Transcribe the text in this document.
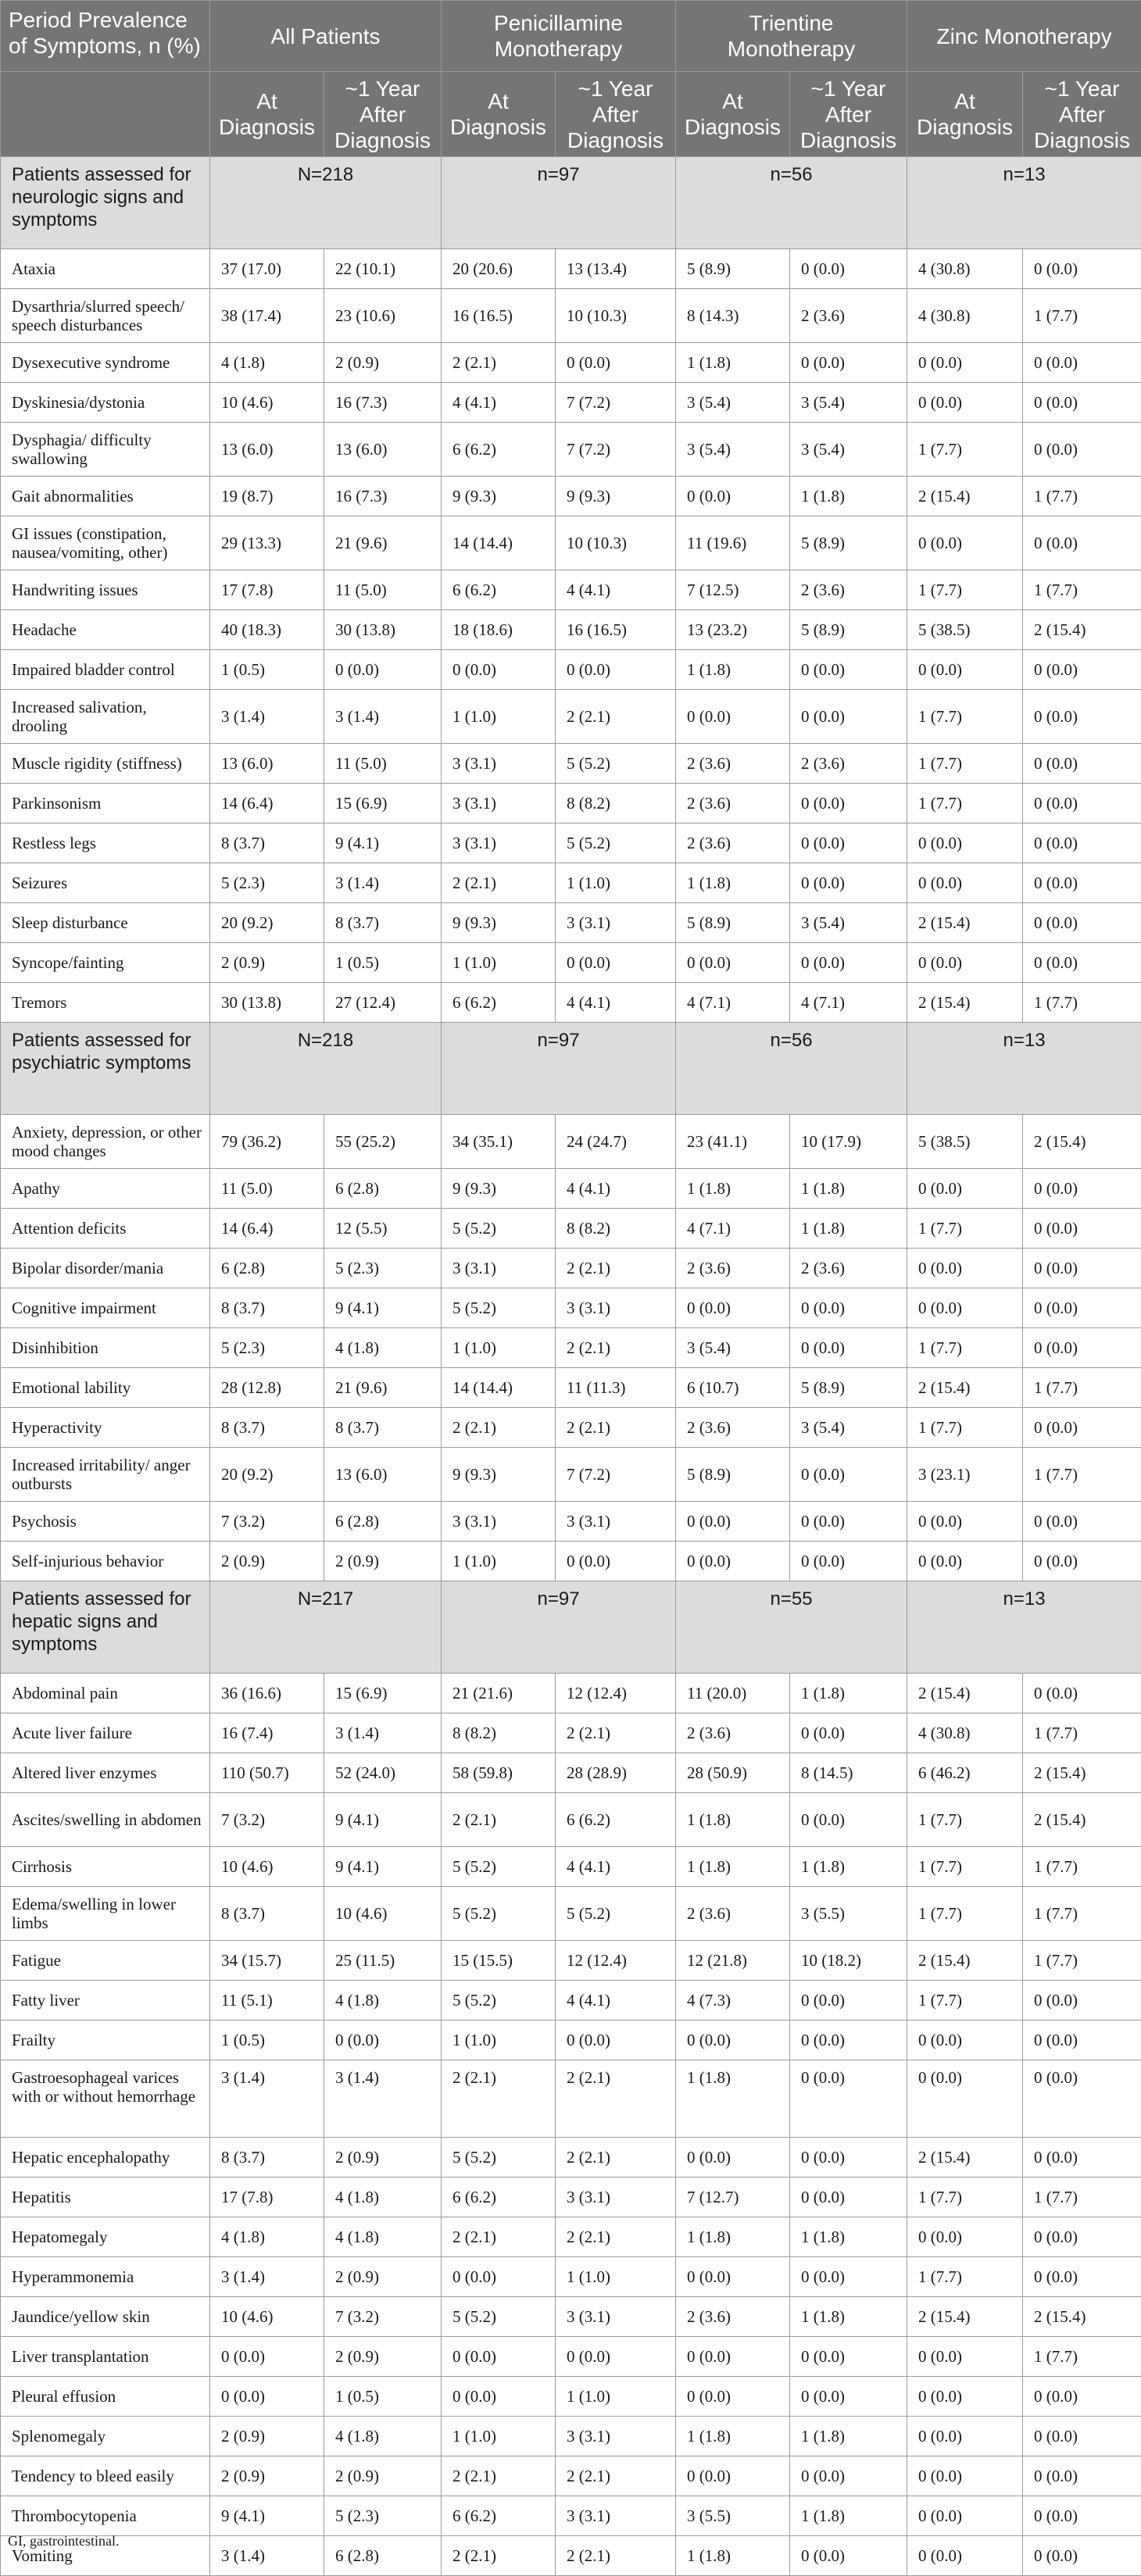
Period Prevalence of Symptoms, n (%)	All Patients		Penicillamine Monotherapy		Trientine Monotherapy		Zinc Monotherapy	
	At Diagnosis	~1 Year After Diagnosis	At Diagnosis	~1 Year After Diagnosis	At Diagnosis	~1 Year After Diagnosis	At Diagnosis	~1 Year After Diagnosis
Patients assessed for neurologic signs and symptoms	N=218		n=97		n=56		n=13	
Ataxia	37 (17.0)	22 (10.1)	20 (20.6)	13 (13.4)	5 (8.9)	0 (0.0)	4 (30.8)	0 (0.0)
Dysarthria/slurred speech/ speech disturbances	38 (17.4)	23 (10.6)	16 (16.5)	10 (10.3)	8 (14.3)	2 (3.6)	4 (30.8)	1 (7.7)
Dysexecutive syndrome	4 (1.8)	2 (0.9)	2 (2.1)	0 (0.0)	1 (1.8)	0 (0.0)	0 (0.0)	0 (0.0)
Dyskinesia/dystonia	10 (4.6)	16 (7.3)	4 (4.1)	7 (7.2)	3 (5.4)	3 (5.4)	0 (0.0)	0 (0.0)
Dysphagia/ difficulty swallowing	13 (6.0)	13 (6.0)	6 (6.2)	7 (7.2)	3 (5.4)	3 (5.4)	1 (7.7)	0 (0.0)
Gait abnormalities	19 (8.7)	16 (7.3)	9 (9.3)	9 (9.3)	0 (0.0)	1 (1.8)	2 (15.4)	1 (7.7)
GI issues (constipation, nausea/vomiting, other)	29 (13.3)	21 (9.6)	14 (14.4)	10 (10.3)	11 (19.6)	5 (8.9)	0 (0.0)	0 (0.0)
Handwriting issues	17 (7.8)	11 (5.0)	6 (6.2)	4 (4.1)	7 (12.5)	2 (3.6)	1 (7.7)	1 (7.7)
Headache	40 (18.3)	30 (13.8)	18 (18.6)	16 (16.5)	13 (23.2)	5 (8.9)	5 (38.5)	2 (15.4)
Impaired bladder control	1 (0.5)	0 (0.0)	0 (0.0)	0 (0.0)	1 (1.8)	0 (0.0)	0 (0.0)	0 (0.0)
Increased salivation, drooling	3 (1.4)	3 (1.4)	1 (1.0)	2 (2.1)	0 (0.0)	0 (0.0)	1 (7.7)	0 (0.0)
Muscle rigidity (stiffness)	13 (6.0)	11 (5.0)	3 (3.1)	5 (5.2)	2 (3.6)	2 (3.6)	1 (7.7)	0 (0.0)
Parkinsonism	14 (6.4)	15 (6.9)	3 (3.1)	8 (8.2)	2 (3.6)	0 (0.0)	1 (7.7)	0 (0.0)
Restless legs	8 (3.7)	9 (4.1)	3 (3.1)	5 (5.2)	2 (3.6)	0 (0.0)	0 (0.0)	0 (0.0)
Seizures	5 (2.3)	3 (1.4)	2 (2.1)	1 (1.0)	1 (1.8)	0 (0.0)	0 (0.0)	0 (0.0)
Sleep disturbance	20 (9.2)	8 (3.7)	9 (9.3)	3 (3.1)	5 (8.9)	3 (5.4)	2 (15.4)	0 (0.0)
Syncope/fainting	2 (0.9)	1 (0.5)	1 (1.0)	0 (0.0)	0 (0.0)	0 (0.0)	0 (0.0)	0 (0.0)
Tremors	30 (13.8)	27 (12.4)	6 (6.2)	4 (4.1)	4 (7.1)	4 (7.1)	2 (15.4)	1 (7.7)
Patients assessed for psychiatric symptoms	N=218		n=97		n=56		n=13	
Anxiety, depression, or other mood changes	79 (36.2)	55 (25.2)	34 (35.1)	24 (24.7)	23 (41.1)	10 (17.9)	5 (38.5)	2 (15.4)
Apathy	11 (5.0)	6 (2.8)	9 (9.3)	4 (4.1)	1 (1.8)	1 (1.8)	0 (0.0)	0 (0.0)
Attention deficits	14 (6.4)	12 (5.5)	5 (5.2)	8 (8.2)	4 (7.1)	1 (1.8)	1 (7.7)	0 (0.0)
Bipolar disorder/mania	6 (2.8)	5 (2.3)	3 (3.1)	2 (2.1)	2 (3.6)	2 (3.6)	0 (0.0)	0 (0.0)
Cognitive impairment	8 (3.7)	9 (4.1)	5 (5.2)	3 (3.1)	0 (0.0)	0 (0.0)	0 (0.0)	0 (0.0)
Disinhibition	5 (2.3)	4 (1.8)	1 (1.0)	2 (2.1)	3 (5.4)	0 (0.0)	1 (7.7)	0 (0.0)
Emotional lability	28 (12.8)	21 (9.6)	14 (14.4)	11 (11.3)	6 (10.7)	5 (8.9)	2 (15.4)	1 (7.7)
Hyperactivity	8 (3.7)	8 (3.7)	2 (2.1)	2 (2.1)	2 (3.6)	3 (5.4)	1 (7.7)	0 (0.0)
Increased irritability/ anger outbursts	20 (9.2)	13 (6.0)	9 (9.3)	7 (7.2)	5 (8.9)	0 (0.0)	3 (23.1)	1 (7.7)
Psychosis	7 (3.2)	6 (2.8)	3 (3.1)	3 (3.1)	0 (0.0)	0 (0.0)	0 (0.0)	0 (0.0)
Self-injurious behavior	2 (0.9)	2 (0.9)	1 (1.0)	0 (0.0)	0 (0.0)	0 (0.0)	0 (0.0)	0 (0.0)
Patients assessed for hepatic signs and symptoms	N=217		n=97		n=55		n=13	
Abdominal pain	36 (16.6)	15 (6.9)	21 (21.6)	12 (12.4)	11 (20.0)	1 (1.8)	2 (15.4)	0 (0.0)
Acute liver failure	16 (7.4)	3 (1.4)	8 (8.2)	2 (2.1)	2 (3.6)	0 (0.0)	4 (30.8)	1 (7.7)
Altered liver enzymes	110 (50.7)	52 (24.0)	58 (59.8)	28 (28.9)	28 (50.9)	8 (14.5)	6 (46.2)	2 (15.4)
Ascites/swelling in abdomen	7 (3.2)	9 (4.1)	2 (2.1)	6 (6.2)	1 (1.8)	0 (0.0)	1 (7.7)	2 (15.4)
Cirrhosis	10 (4.6)	9 (4.1)	5 (5.2)	4 (4.1)	1 (1.8)	1 (1.8)	1 (7.7)	1 (7.7)
Edema/swelling in lower limbs	8 (3.7)	10 (4.6)	5 (5.2)	5 (5.2)	2 (3.6)	3 (5.5)	1 (7.7)	1 (7.7)
Fatigue	34 (15.7)	25 (11.5)	15 (15.5)	12 (12.4)	12 (21.8)	10 (18.2)	2 (15.4)	1 (7.7)
Fatty liver	11 (5.1)	4 (1.8)	5 (5.2)	4 (4.1)	4 (7.3)	0 (0.0)	1 (7.7)	0 (0.0)
Frailty	1 (0.5)	0 (0.0)	1 (1.0)	0 (0.0)	0 (0.0)	0 (0.0)	0 (0.0)	0 (0.0)
Gastroesophageal varices with or without hemorrhage	3 (1.4)	3 (1.4)	2 (2.1)	2 (2.1)	1 (1.8)	0 (0.0)	0 (0.0)	0 (0.0)
Hepatic encephalopathy	8 (3.7)	2 (0.9)	5 (5.2)	2 (2.1)	0 (0.0)	0 (0.0)	2 (15.4)	0 (0.0)
Hepatitis	17 (7.8)	4 (1.8)	6 (6.2)	3 (3.1)	7 (12.7)	0 (0.0)	1 (7.7)	1 (7.7)
Hepatomegaly	4 (1.8)	4 (1.8)	2 (2.1)	2 (2.1)	1 (1.8)	1 (1.8)	0 (0.0)	0 (0.0)
Hyperammonemia	3 (1.4)	2 (0.9)	0 (0.0)	1 (1.0)	0 (0.0)	0 (0.0)	1 (7.7)	0 (0.0)
Jaundice/yellow skin	10 (4.6)	7 (3.2)	5 (5.2)	3 (3.1)	2 (3.6)	1 (1.8)	2 (15.4)	2 (15.4)
Liver transplantation	0 (0.0)	2 (0.9)	0 (0.0)	0 (0.0)	0 (0.0)	0 (0.0)	0 (0.0)	1 (7.7)
Pleural effusion	0 (0.0)	1 (0.5)	0 (0.0)	1 (1.0)	0 (0.0)	0 (0.0)	0 (0.0)	0 (0.0)
Splenomegaly	2 (0.9)	4 (1.8)	1 (1.0)	3 (3.1)	1 (1.8)	1 (1.8)	0 (0.0)	0 (0.0)
Tendency to bleed easily	2 (0.9)	2 (0.9)	2 (2.1)	2 (2.1)	0 (0.0)	0 (0.0)	0 (0.0)	0 (0.0)
Thrombocytopenia	9 (4.1)	5 (2.3)	6 (6.2)	3 (3.1)	3 (5.5)	1 (1.8)	0 (0.0)	0 (0.0)
Vomiting	3 (1.4)	6 (2.8)	2 (2.1)	2 (2.1)	1 (1.8)	0 (0.0)	0 (0.0)	0 (0.0)
GI, gastrointestinal.
